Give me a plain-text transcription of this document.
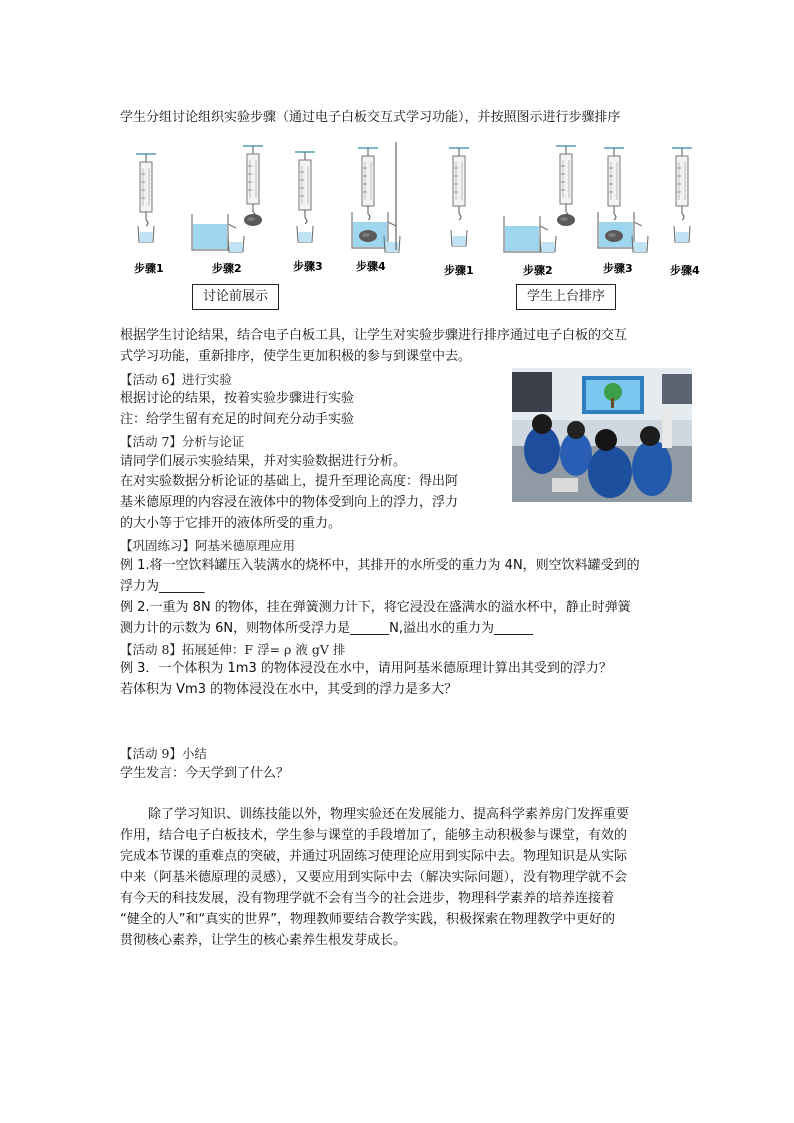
学生分组讨论组织实验步骤（通过电子白板交互式学习功能），并按照图示进行步骤排序
步骤1	步骤2	步骤3	步骤4	步骤1	步骤2	步骤3	步骤4
讨论前展示	学生上台排序
根据学生讨论结果，结合电子白板工具，让学生对实验步骤进行排序通过电子白板的交互
式学习功能，重新排序，使学生更加积极的参与到课堂中去。
【活动 6】进行实验
根据讨论的结果，按着实验步骤进行实验
注：给学生留有充足的时间充分动手实验
【活动 7】分析与论证
请同学们展示实验结果，并对实验数据进行分析。
在对实验数据分析论证的基础上，提升至理论高度：得出阿
基米德原理的内容浸在液体中的物体受到向上的浮力，浮力
的大小等于它排开的液体所受的重力。
【巩固练习】阿基米德原理应用
例 1.将一空饮料罐压入装满水的烧杯中，其排开的水所受的重力为 4N，则空饮料罐受到的
浮力为_______
例 2.一重为 8N 的物体，挂在弹簧测力计下，将它浸没在盛满水的溢水杯中，静止时弹簧
测力计的示数为 6N，则物体所受浮力是______N,溢出水的重力为______
【活动 8】拓展延伸：F 浮= ρ 液 gV 排
例 3．一个体积为 1m3 的物体浸没在水中，请用阿基米德原理计算出其受到的浮力？
若体积为 Vm3 的物体浸没在水中，其受到的浮力是多大？
【活动 9】小结
学生发言：今天学到了什么？
除了学习知识、训练技能以外，物理实验还在发展能力、提高科学素养房门发挥重要
作用，结合电子白板技术，学生参与课堂的手段增加了，能够主动积极参与课堂，有效的
完成本节课的重难点的突破，并通过巩固练习使理论应用到实际中去。物理知识是从实际
中来（阿基米德原理的灵感），又要应用到实际中去（解决实际问题），没有物理学就不会
有今天的科技发展，没有物理学就不会有当今的社会进步，物理科学素养的培养连接着
“健全的人”和“真实的世界”，物理教师要结合教学实践，积极探索在物理教学中更好的
贯彻核心素养，让学生的核心素养生根发芽成长。
